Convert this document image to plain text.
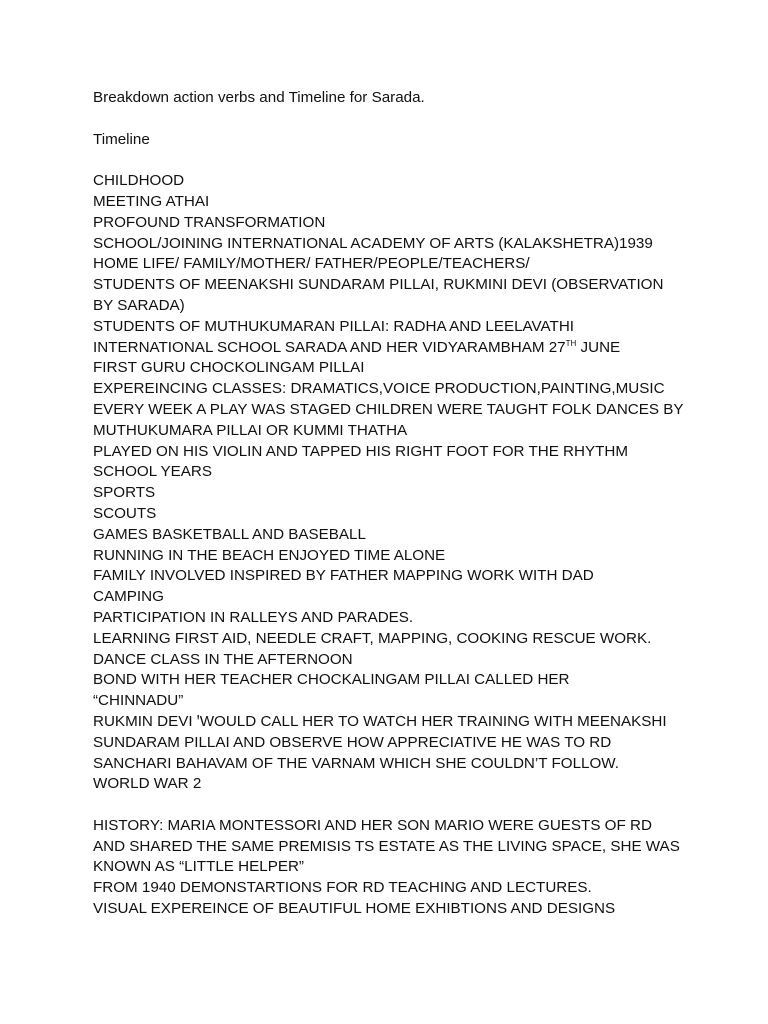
Breakdown action verbs and Timeline for Sarada.
Timeline
CHILDHOOD
MEETING ATHAI
PROFOUND TRANSFORMATION
SCHOOL/JOINING INTERNATIONAL ACADEMY OF ARTS (KALAKSHETRA)1939
HOME LIFE/ FAMILY/MOTHER/ FATHER/PEOPLE/TEACHERS/
STUDENTS OF MEENAKSHI SUNDARAM PILLAI, RUKMINI DEVI (OBSERVATION
BY SARADA)
STUDENTS OF MUTHUKUMARAN PILLAI: RADHA AND LEELAVATHI
INTERNATIONAL SCHOOL SARADA AND HER VIDYARAMBHAM 27TH JUNE
FIRST GURU CHOCKOLINGAM PILLAI
EXPEREINCING CLASSES: DRAMATICS,VOICE PRODUCTION,PAINTING,MUSIC
EVERY WEEK A PLAY WAS STAGED CHILDREN WERE TAUGHT FOLK DANCES BY
MUTHUKUMARA PILLAI OR KUMMI THATHA
PLAYED ON HIS VIOLIN AND TAPPED HIS RIGHT FOOT FOR THE RHYTHM
SCHOOL YEARS
SPORTS
SCOUTS
GAMES BASKETBALL AND BASEBALL
RUNNING IN THE BEACH ENJOYED TIME ALONE
FAMILY INVOLVED INSPIRED BY FATHER MAPPING WORK WITH DAD
CAMPING
PARTICIPATION IN RALLEYS AND PARADES.
LEARNING FIRST AID, NEEDLE CRAFT, MAPPING, COOKING RESCUE WORK.
DANCE CLASS IN THE AFTERNOON
BOND WITH HER TEACHER CHOCKALINGAM PILLAI CALLED HER
“CHINNADU”
RUKMIN DEVI ꞌWOULD CALL HER TO WATCH HER TRAINING WITH MEENAKSHI
SUNDARAM PILLAI AND OBSERVE HOW APPRECIATIVE HE WAS TO RD
SANCHARI BAHAVAM OF THE VARNAM WHICH SHE COULDN’T FOLLOW.
WORLD WAR 2
HISTORY: MARIA MONTESSORI AND HER SON MARIO WERE GUESTS OF RD
AND SHARED THE SAME PREMISIS TS ESTATE AS THE LIVING SPACE, SHE WAS
KNOWN AS “LITTLE HELPER”
FROM 1940 DEMONSTARTIONS FOR RD TEACHING AND LECTURES.
VISUAL EXPEREINCE OF BEAUTIFUL HOME EXHIBTIONS AND DESIGNS
